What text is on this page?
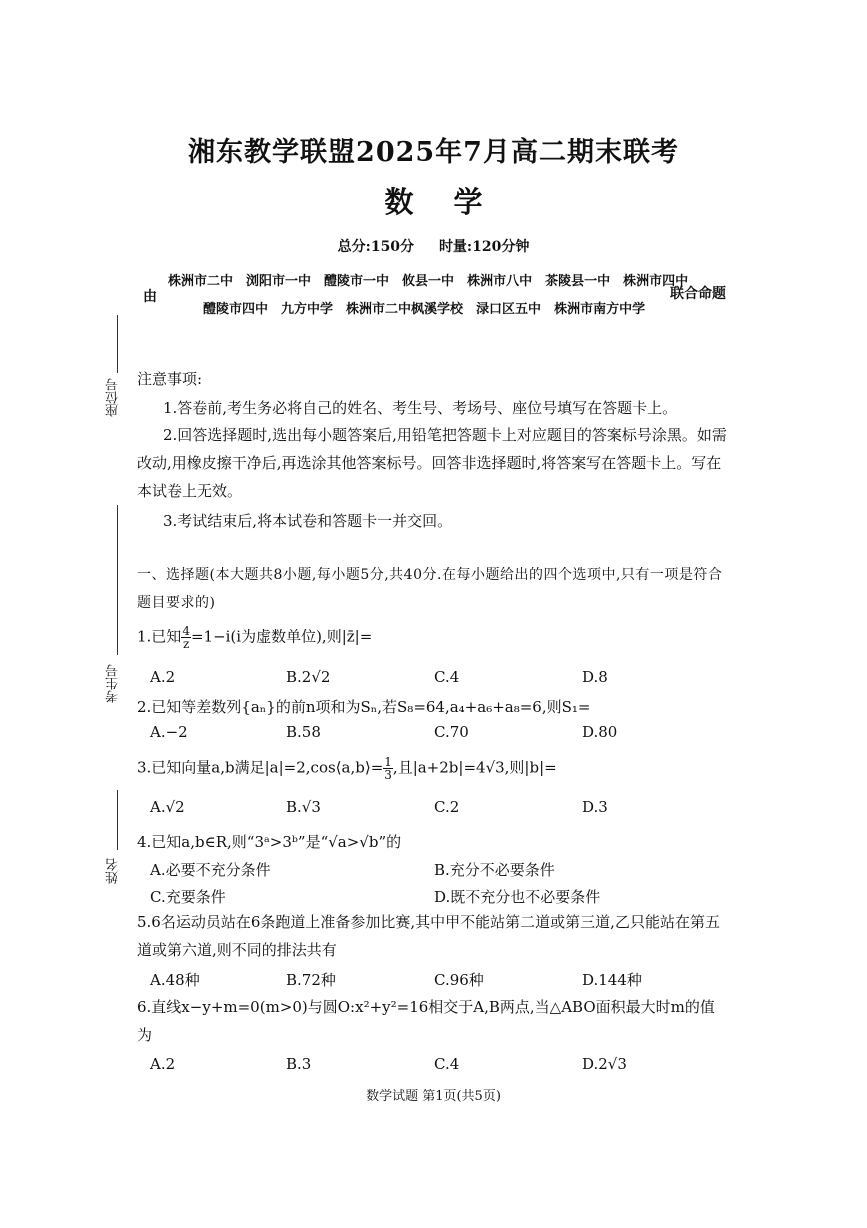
湘东教学联盟2025年7月高二期末联考
数学
总分:150分 时量:120分钟
由
株洲市二中 浏阳市一中 醴陵市一中 攸县一中 株洲市八中 茶陵县一中 株洲市四中
醴陵市四中 九方中学 株洲市二中枫溪学校 渌口区五中 株洲市南方中学
联合命题
座位号
考生号
姓名
注意事项:
1.答卷前,考生务必将自己的姓名、考生号、考场号、座位号填写在答题卡上。
2.回答选择题时,选出每小题答案后,用铅笔把答题卡上对应题目的答案标号涂黑。如需改动,用橡皮擦干净后,再选涂其他答案标号。回答非选择题时,将答案写在答题卡上。写在本试卷上无效。
3.考试结束后,将本试卷和答题卡一并交回。
一、选择题(本大题共8小题,每小题5分,共40分.在每小题给出的四个选项中,只有一项是符合题目要求的)
1.已知 $\frac{4}{z} =1-i(i$为虚数单位),则|z̄|=
A.2	B.2√2	C.4	D.8
2.已知等差数列{aₙ}的前n项和为Sₙ,若S₈=64,a₄+a₆+a₈=6,则S₁=
A.−2	B.58	C.70	D.80
3.已知向量a,b满足|a|=2,cos⟨a,b⟩= $\frac{1}{3}$ ,且|a+2b|=4√3,则|b|=
A.√2	B.√3	C.2	D.3
4.已知a,b∈R,则“3ᵃ>3ᵇ”是“√a>√b”的
A.必要不充分条件	B.充分不必要条件
C.充要条件	D.既不充分也不必要条件
5.6名运动员站在6条跑道上准备参加比赛,其中甲不能站第二道或第三道,乙只能站在第五道或第六道,则不同的排法共有
A.48种	B.72种	C.96种	D.144种
6.直线x−y+m=0(m>0)与圆O:x²+y²=16相交于A,B两点,当△ABO面积最大时m的值为
A.2	B.3	C.4	D.2√3
数学试题 第1页(共5页)
